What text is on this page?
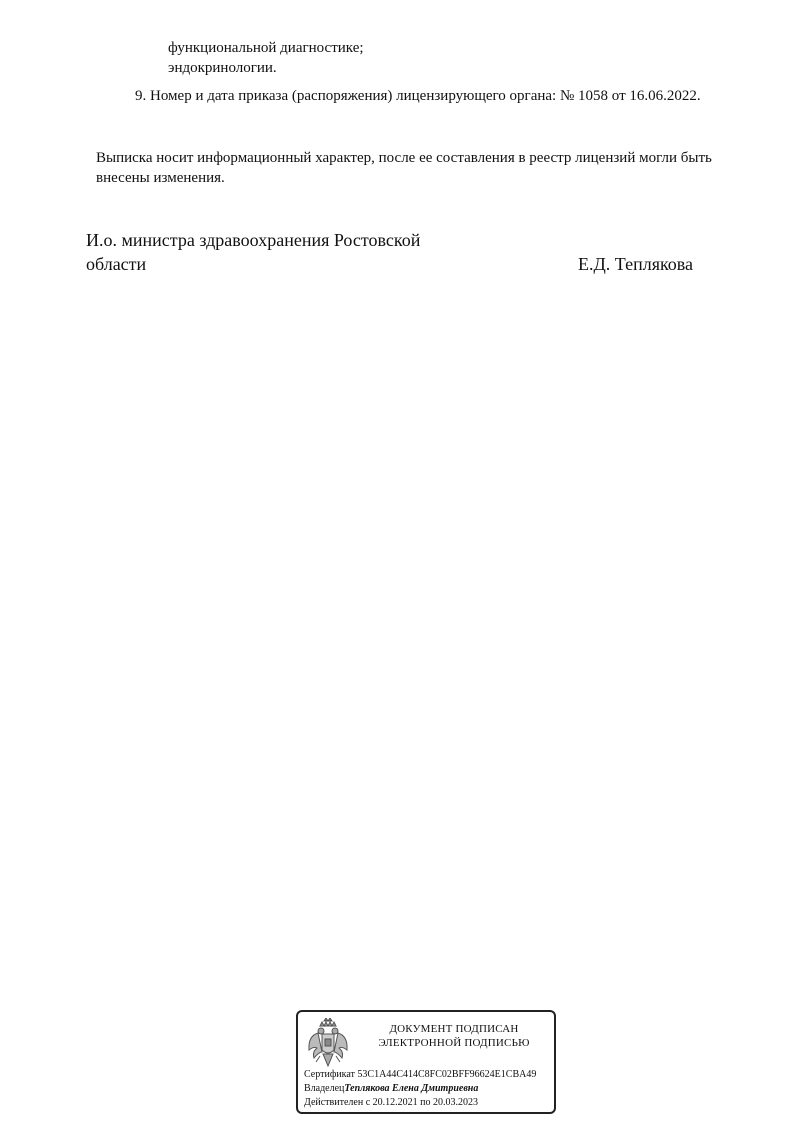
функциональной диагностике;
эндокринологии.
9. Номер и дата приказа (распоряжения) лицензирующего органа: № 1058 от 16.06.2022.
Выписка носит информационный характер, после ее составления в реестр лицензий могли быть
внесены изменения.
И.о. министра здравоохранения Ростовской
области	Е.Д. Теплякова
ДОКУМЕНТ ПОДПИСАН
ЭЛЕКТРОННОЙ ПОДПИСЬЮ
Сертификат 53C1A44C414C8FC02BFF96624E1CBA49
ВладелецТеплякова Елена Дмитриевна
Действителен с 20.12.2021 по 20.03.2023
